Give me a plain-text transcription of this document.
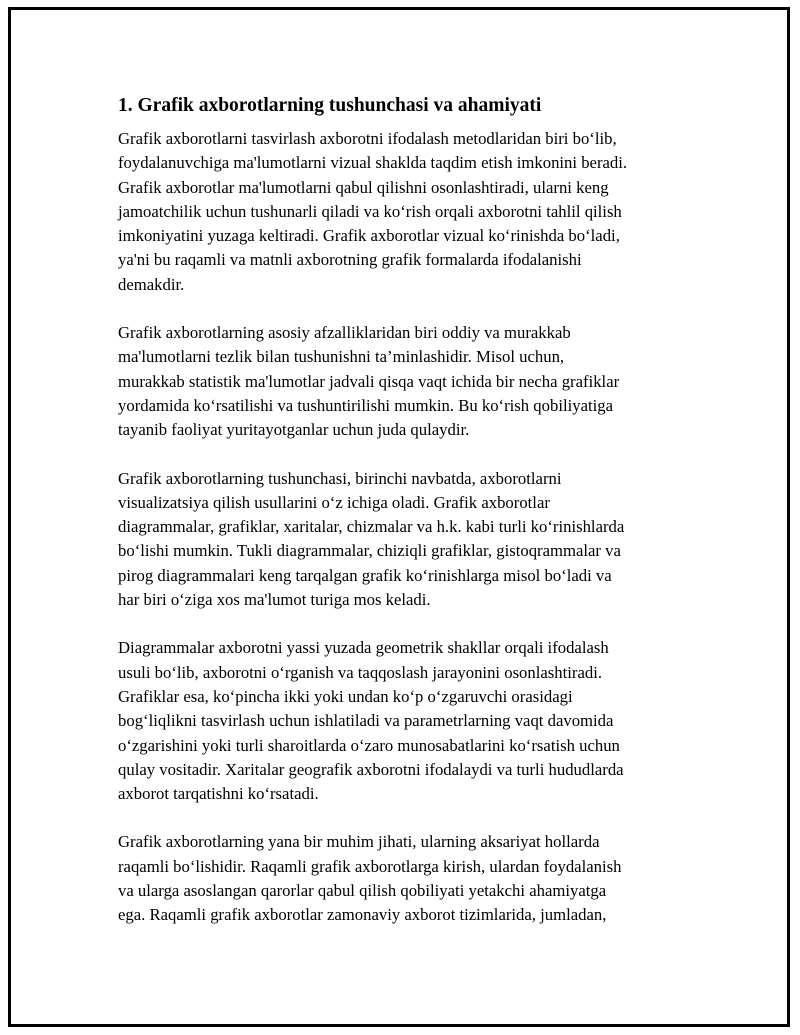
1. Grafik axborotlarning tushunchasi va ahamiyati
Grafik axborotlarni tasvirlash axborotni ifodalash metodlaridan biri bo‘lib,
foydalanuvchiga ma'lumotlarni vizual shaklda taqdim etish imkonini beradi.
Grafik axborotlar ma'lumotlarni qabul qilishni osonlashtiradi, ularni keng
jamoatchilik uchun tushunarli qiladi va ko‘rish orqali axborotni tahlil qilish
imkoniyatini yuzaga keltiradi. Grafik axborotlar vizual ko‘rinishda bo‘ladi,
ya'ni bu raqamli va matnli axborotning grafik formalarda ifodalanishi
demakdir.
Grafik axborotlarning asosiy afzalliklaridan biri oddiy va murakkab
ma'lumotlarni tezlik bilan tushunishni ta’minlashidir. Misol uchun,
murakkab statistik ma'lumotlar jadvali qisqa vaqt ichida bir necha grafiklar
yordamida ko‘rsatilishi va tushuntirilishi mumkin. Bu ko‘rish qobiliyatiga
tayanib faoliyat yuritayotganlar uchun juda qulaydir.
Grafik axborotlarning tushunchasi, birinchi navbatda, axborotlarni
visualizatsiya qilish usullarini o‘z ichiga oladi. Grafik axborotlar
diagrammalar, grafiklar, xaritalar, chizmalar va h.k. kabi turli ko‘rinishlarda
bo‘lishi mumkin. Tukli diagrammalar, chiziqli grafiklar, gistoqrammalar va
pirog diagrammalari keng tarqalgan grafik ko‘rinishlarga misol bo‘ladi va
har biri o‘ziga xos ma'lumot turiga mos keladi.
Diagrammalar axborotni yassi yuzada geometrik shakllar orqali ifodalash
usuli bo‘lib, axborotni o‘rganish va taqqoslash jarayonini osonlashtiradi.
Grafiklar esa, ko‘pincha ikki yoki undan ko‘p o‘zgaruvchi orasidagi
bog‘liqlikni tasvirlash uchun ishlatiladi va parametrlarning vaqt davomida
o‘zgarishini yoki turli sharoitlarda o‘zaro munosabatlarini ko‘rsatish uchun
qulay vositadir. Xaritalar geografik axborotni ifodalaydi va turli hududlarda
axborot tarqatishni ko‘rsatadi.
Grafik axborotlarning yana bir muhim jihati, ularning aksariyat hollarda
raqamli bo‘lishidir. Raqamli grafik axborotlarga kirish, ulardan foydalanish
va ularga asoslangan qarorlar qabul qilish qobiliyati yetakchi ahamiyatga
ega. Raqamli grafik axborotlar zamonaviy axborot tizimlarida, jumladan,
